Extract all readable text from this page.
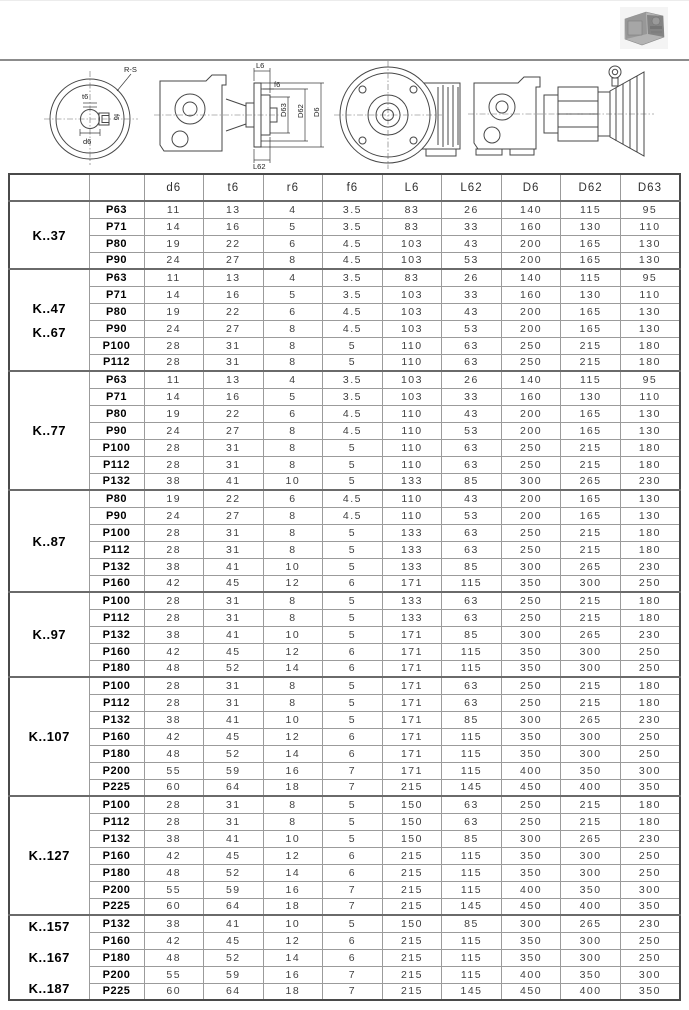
t6
f6
d6
R-S	L6
f6
D63 D62 D6
L62
		d6	t6	r6	f6	L6	L62	D6	D62	D63

K..37	P63	11	13	4	3.5	83	26	140	115	95
	P71	14	16	5	3.5	83	33	160	130	110
	P80	19	22	6	4.5	103	43	200	165	130
	P90	24	27	8	4.5	103	53	200	165	130

K..47
K..67	P63	11	13	4	3.5	83	26	140	115	95
	P71	14	16	5	3.5	103	33	160	130	110
	P80	19	22	6	4.5	103	43	200	165	130
	P90	24	27	8	4.5	103	53	200	165	130
	P100	28	31	8	5	110	63	250	215	180
	P112	28	31	8	5	110	63	250	215	180

K..77	P63	11	13	4	3.5	103	26	140	115	95
	P71	14	16	5	3.5	103	33	160	130	110
	P80	19	22	6	4.5	110	43	200	165	130
	P90	24	27	8	4.5	110	53	200	165	130
	P100	28	31	8	5	110	63	250	215	180
	P112	28	31	8	5	110	63	250	215	180
	P132	38	41	10	5	133	85	300	265	230

K..87	P80	19	22	6	4.5	110	43	200	165	130
	P90	24	27	8	4.5	110	53	200	165	130
	P100	28	31	8	5	133	63	250	215	180
	P112	28	31	8	5	133	63	250	215	180
	P132	38	41	10	5	133	85	300	265	230
	P160	42	45	12	6	171	115	350	300	250

K..97	P100	28	31	8	5	133	63	250	215	180
	P112	28	31	8	5	133	63	250	215	180
	P132	38	41	10	5	171	85	300	265	230
	P160	42	45	12	6	171	115	350	300	250
	P180	48	52	14	6	171	115	350	300	250

K..107	P100	28	31	8	5	171	63	250	215	180
	P112	28	31	8	5	171	63	250	215	180
	P132	38	41	10	5	171	85	300	265	230
	P160	42	45	12	6	171	115	350	300	250
	P180	48	52	14	6	171	115	350	300	250
	P200	55	59	16	7	171	115	400	350	300
	P225	60	64	18	7	215	145	450	400	350

K..127	P100	28	31	8	5	150	63	250	215	180
	P112	28	31	8	5	150	63	250	215	180
	P132	38	41	10	5	150	85	300	265	230
	P160	42	45	12	6	215	115	350	300	250
	P180	48	52	14	6	215	115	350	300	250
	P200	55	59	16	7	215	115	400	350	300
	P225	60	64	18	7	215	145	450	400	350

K..157
K..167
K..187	P132	38	41	10	5	150	85	300	265	230
	P160	42	45	12	6	215	115	350	300	250
	P180	48	52	14	6	215	115	350	300	250
	P200	55	59	16	7	215	115	400	350	300
	P225	60	64	18	7	215	145	450	400	350
